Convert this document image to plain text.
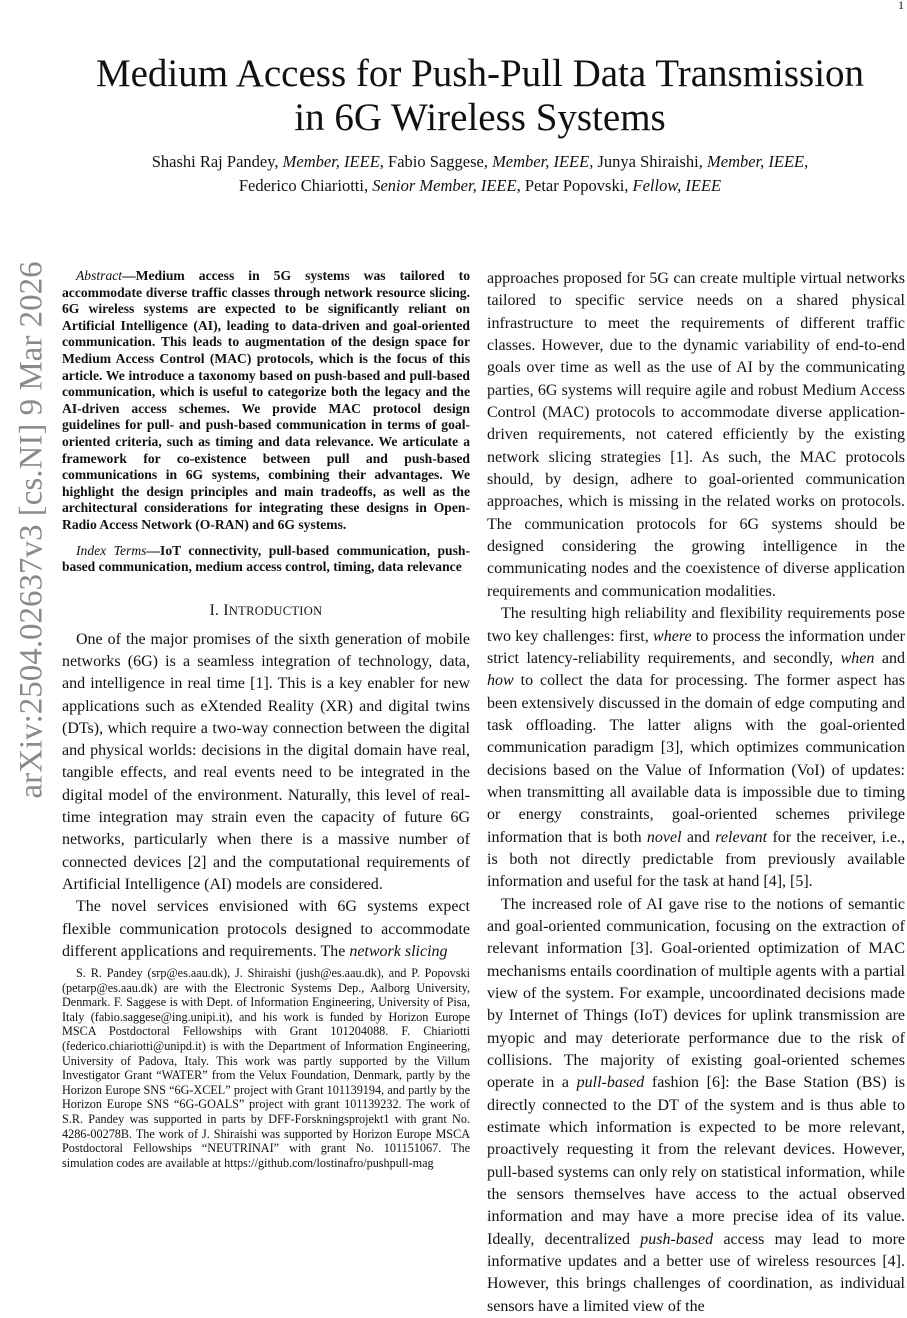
1
arXiv:2504.02637v3 [cs.NI] 9 Mar 2026
Medium Access for Push-Pull Data Transmission
in 6G Wireless Systems
Shashi Raj Pandey, Member, IEEE, Fabio Saggese, Member, IEEE, Junya Shiraishi, Member, IEEE,
Federico Chiariotti, Senior Member, IEEE, Petar Popovski, Fellow, IEEE
Abstract—Medium access in 5G systems was tailored to accommodate diverse traffic classes through network resource slicing. 6G wireless systems are expected to be significantly reliant on Artificial Intelligence (AI), leading to data-driven and goal-oriented communication. This leads to augmentation of the design space for Medium Access Control (MAC) protocols, which is the focus of this article. We introduce a taxonomy based on push-based and pull-based communication, which is useful to categorize both the legacy and the AI-driven access schemes. We provide MAC protocol design guidelines for pull- and push-based communication in terms of goal-oriented criteria, such as timing and data relevance. We articulate a framework for co-existence between pull and push-based communications in 6G systems, combining their advantages. We highlight the design principles and main tradeoffs, as well as the architectural considerations for integrating these designs in Open-Radio Access Network (O-RAN) and 6G systems.
Index Terms—IoT connectivity, pull-based communication, push-based communication, medium access control, timing, data relevance
I. INTRODUCTION

One of the major promises of the sixth generation of mobile networks (6G) is a seamless integration of technology, data, and intelligence in real time [1]. This is a key enabler for new applications such as eXtended Reality (XR) and digital twins (DTs), which require a two-way connection between the digital and physical worlds: decisions in the digital domain have real, tangible effects, and real events need to be integrated in the digital model of the environment. Naturally, this level of real-time integration may strain even the capacity of future 6G networks, particularly when there is a massive number of connected devices [2] and the computational requirements of Artificial Intelligence (AI) models are considered.

The novel services envisioned with 6G systems expect flexible communication protocols designed to accommodate different applications and requirements. The network slicing

S. R. Pandey (srp@es.aau.dk), J. Shiraishi (jush@es.aau.dk), and P. Popovski (petarp@es.aau.dk) are with the Electronic Systems Dep., Aalborg University, Denmark. F. Saggese is with Dept. of Information Engineering, University of Pisa, Italy (fabio.saggese@ing.unipi.it), and his work is funded by Horizon Europe MSCA Postdoctoral Fellowships with Grant 101204088. F. Chiariotti (federico.chiariotti@unipd.it) is with the Department of Information Engineering, University of Padova, Italy. This work was partly supported by the Villum Investigator Grant “WATER” from the Velux Foundation, Denmark, partly by the Horizon Europe SNS “6G-XCEL” project with Grant 101139194, and partly by the Horizon Europe SNS “6G-GOALS” project with grant 101139232. The work of S.R. Pandey was supported in parts by DFF-Forskningsprojekt1 with grant No. 4286-00278B. The work of J. Shiraishi was supported by Horizon Europe MSCA Postdoctoral Fellowships “NEUTRINAI” with grant No. 101151067. The simulation codes are available at https://github.com/lostinafro/pushpull-mag

approaches proposed for 5G can create multiple virtual networks tailored to specific service needs on a shared physical infrastructure to meet the requirements of different traffic classes. However, due to the dynamic variability of end-to-end goals over time as well as the use of AI by the communicating parties, 6G systems will require agile and robust Medium Access Control (MAC) protocols to accommodate diverse application-driven requirements, not catered efficiently by the existing network slicing strategies [1]. As such, the MAC protocols should, by design, adhere to goal-oriented communication approaches, which is missing in the related works on protocols. The communication protocols for 6G systems should be designed considering the growing intelligence in the communicating nodes and the coexistence of diverse application requirements and communication modalities.

The resulting high reliability and flexibility requirements pose two key challenges: first, where to process the information under strict latency-reliability requirements, and secondly, when and how to collect the data for processing. The former aspect has been extensively discussed in the domain of edge computing and task offloading. The latter aligns with the goal-oriented communication paradigm [3], which optimizes communication decisions based on the Value of Information (VoI) of updates: when transmitting all available data is impossible due to timing or energy constraints, goal-oriented schemes privilege information that is both novel and relevant for the receiver, i.e., is both not directly predictable from previously available information and useful for the task at hand [4], [5].

The increased role of AI gave rise to the notions of semantic and goal-oriented communication, focusing on the extraction of relevant information [3]. Goal-oriented optimization of MAC mechanisms entails coordination of multiple agents with a partial view of the system. For example, uncoordinated decisions made by Internet of Things (IoT) devices for uplink transmission are myopic and may deteriorate performance due to the risk of collisions. The majority of existing goal-oriented schemes operate in a pull-based fashion [6]: the Base Station (BS) is directly connected to the DT of the system and is thus able to estimate which information is expected to be more relevant, proactively requesting it from the relevant devices. However, pull-based systems can only rely on statistical information, while the sensors themselves have access to the actual observed information and may have a more precise idea of its value. Ideally, decentralized push-based access may lead to more informative updates and a better use of wireless resources [4]. However, this brings challenges of coordination, as individual sensors have a limited view of the
